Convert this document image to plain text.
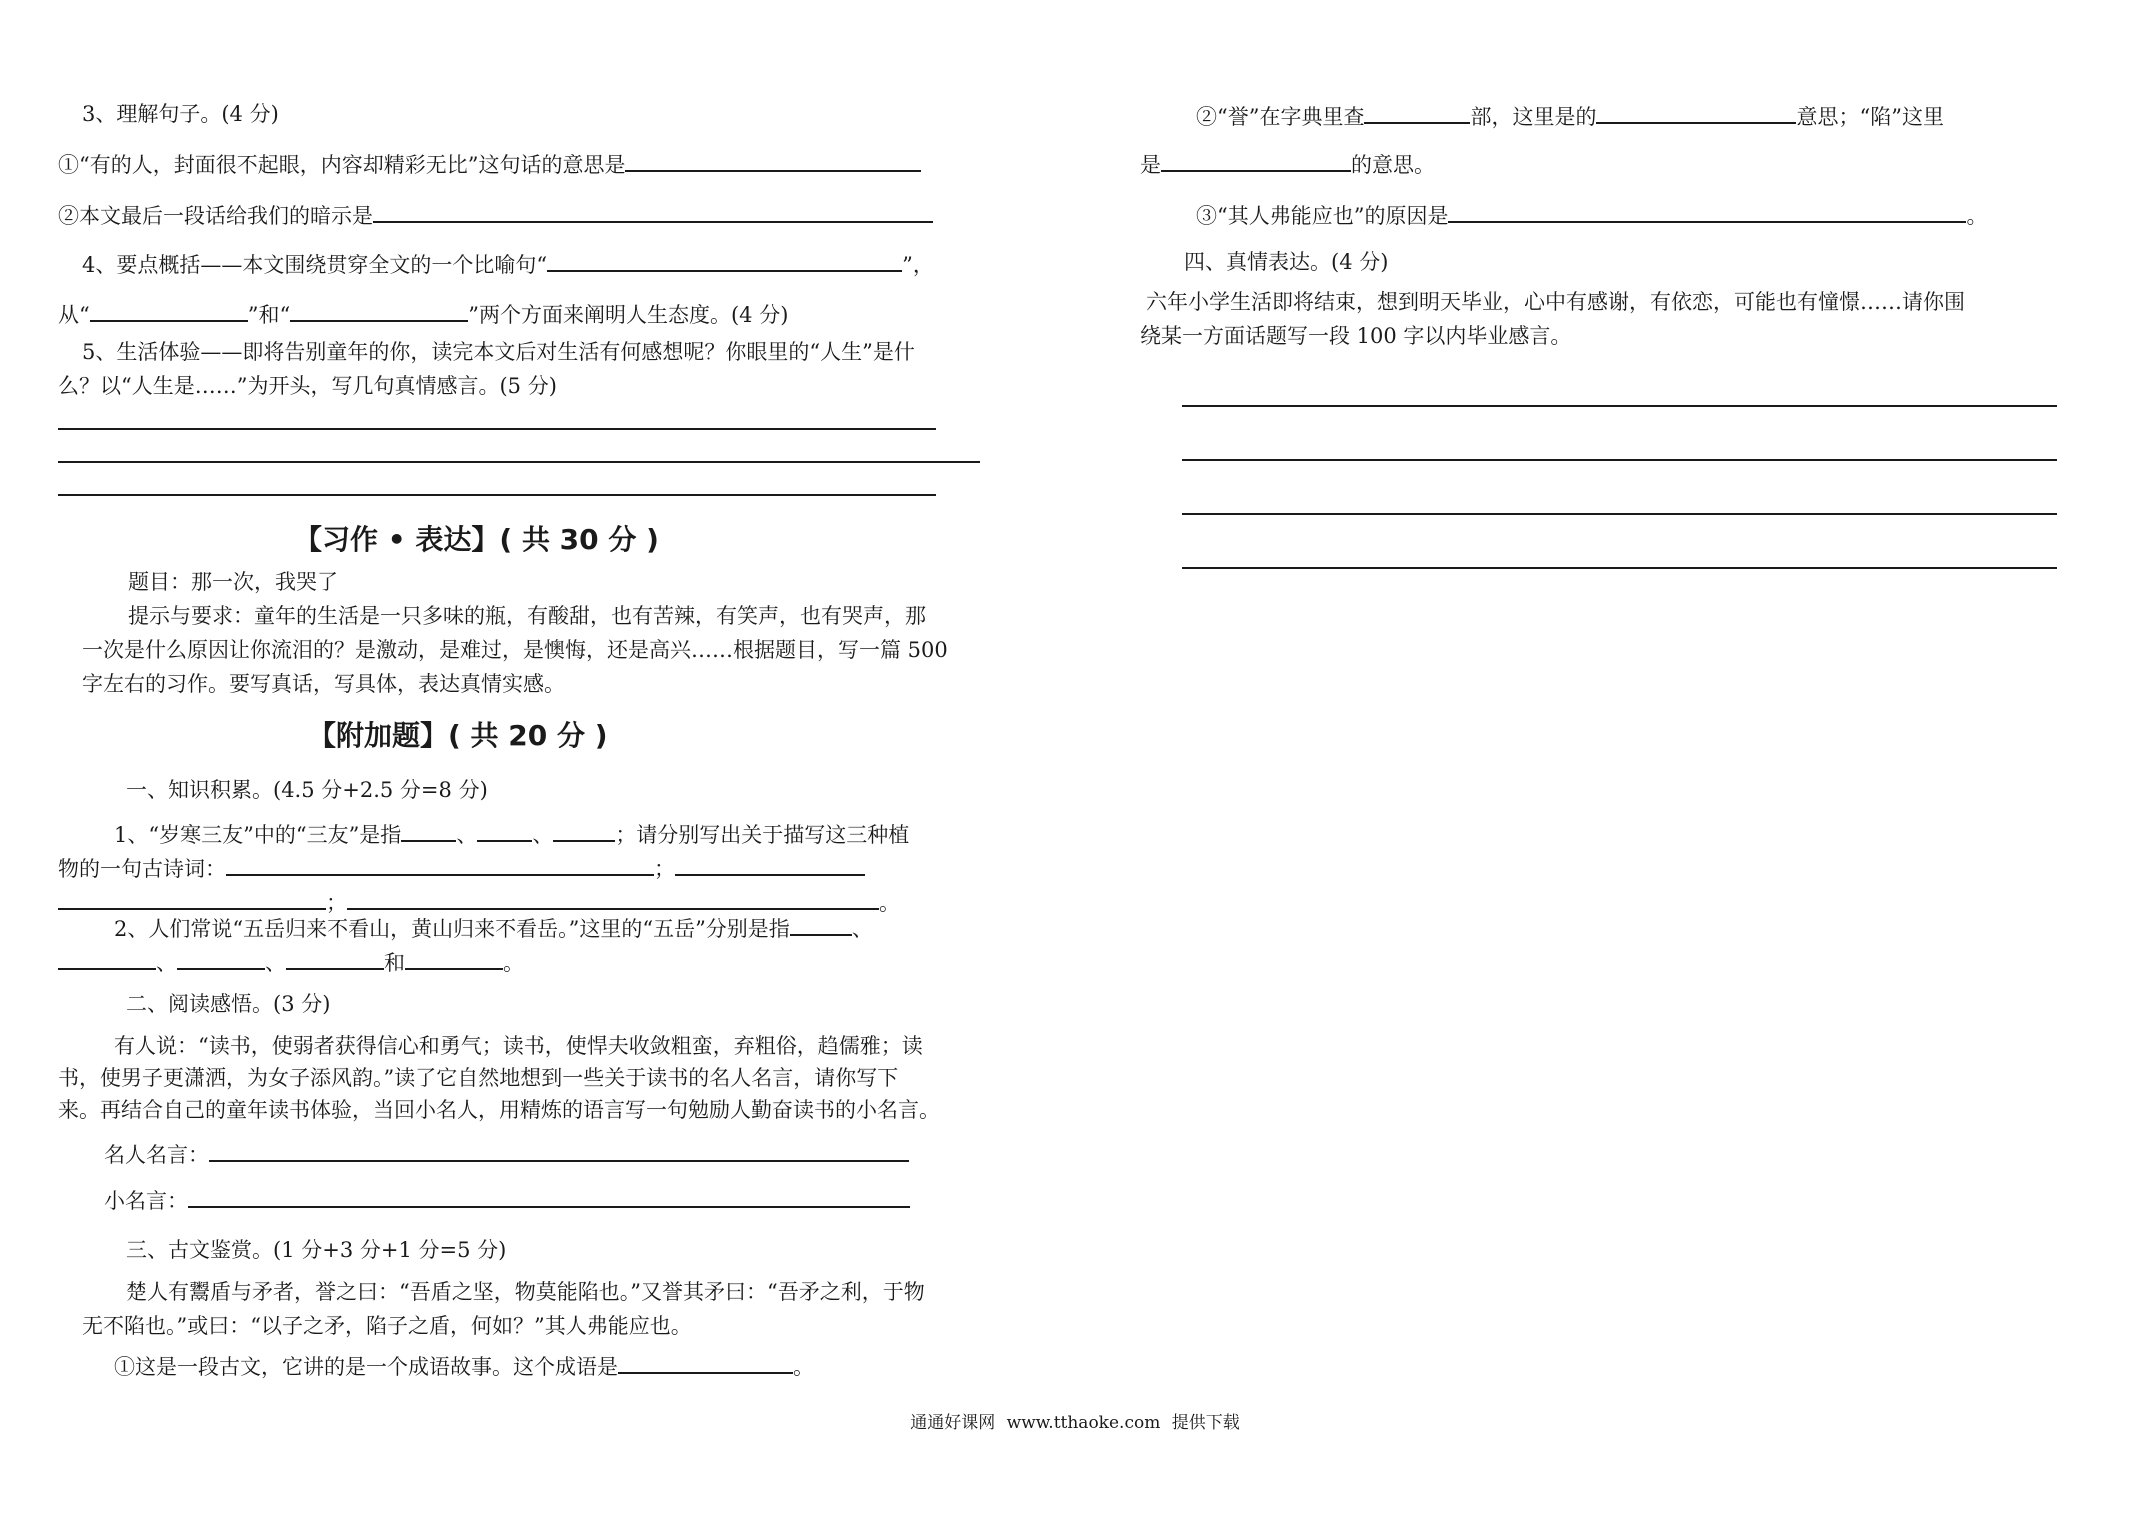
3、理解句子。(4 分)
①“有的人，封面很不起眼，内容却精彩无比”这句话的意思是
②本文最后一段话给我们的暗示是
4、要点概括——本文围绕贯穿全文的一个比喻句“	”，
从“	”和“	”两个方面来阐明人生态度。(4 分)
5、生活体验——即将告别童年的你，读完本文后对生活有何感想呢？你眼里的“人生”是什
么？以“人生是……”为开头，写几句真情感言。(5 分)
【习作 • 表达】( 共 30 分 )
题目：那一次，我哭了
提示与要求：童年的生活是一只多味的瓶，有酸甜，也有苦辣，有笑声，也有哭声，那
一次是什么原因让你流泪的？是激动，是难过，是懊悔，还是高兴……根据题目，写一篇 500
字左右的习作。要写真话，写具体，表达真情实感。
【附加题】( 共 20 分 )
一、知识积累。(4.5 分+2.5 分=8 分)
1、“岁寒三友”中的“三友”是指	、	、	；请分别写出关于描写这三种植
物的一句古诗词：	；
；	。
2、人们常说“五岳归来不看山，黄山归来不看岳。”这里的“五岳”分别是指	、
、	、	和	。
二、阅读感悟。(3 分)
有人说：“读书，使弱者获得信心和勇气；读书，使悍夫收敛粗蛮，弃粗俗，趋儒雅；读
书，使男子更潇洒，为女子添风韵。”读了它自然地想到一些关于读书的名人名言，请你写下
来。再结合自己的童年读书体验，当回小名人，用精炼的语言写一句勉励人勤奋读书的小名言。
名人名言：
小名言：
三、古文鉴赏。(1 分+3 分+1 分=5 分)
楚人有鬻盾与矛者，誉之曰：“吾盾之坚，物莫能陷也。”又誉其矛曰：“吾矛之利，于物
无不陷也。”或曰：“以子之矛，陷子之盾，何如？”其人弗能应也。
①这是一段古文，它讲的是一个成语故事。这个成语是	。
②“誉”在字典里查	部，这里是的	意思；“陷”这里
是	的意思。
③“其人弗能应也”的原因是	。
四、真情表达。(4 分)
六年小学生活即将结束，想到明天毕业，心中有感谢，有依恋，可能也有憧憬……请你围
绕某一方面话题写一段 100 字以内毕业感言。
通通好课网 www.tthaoke.com 提供下载
